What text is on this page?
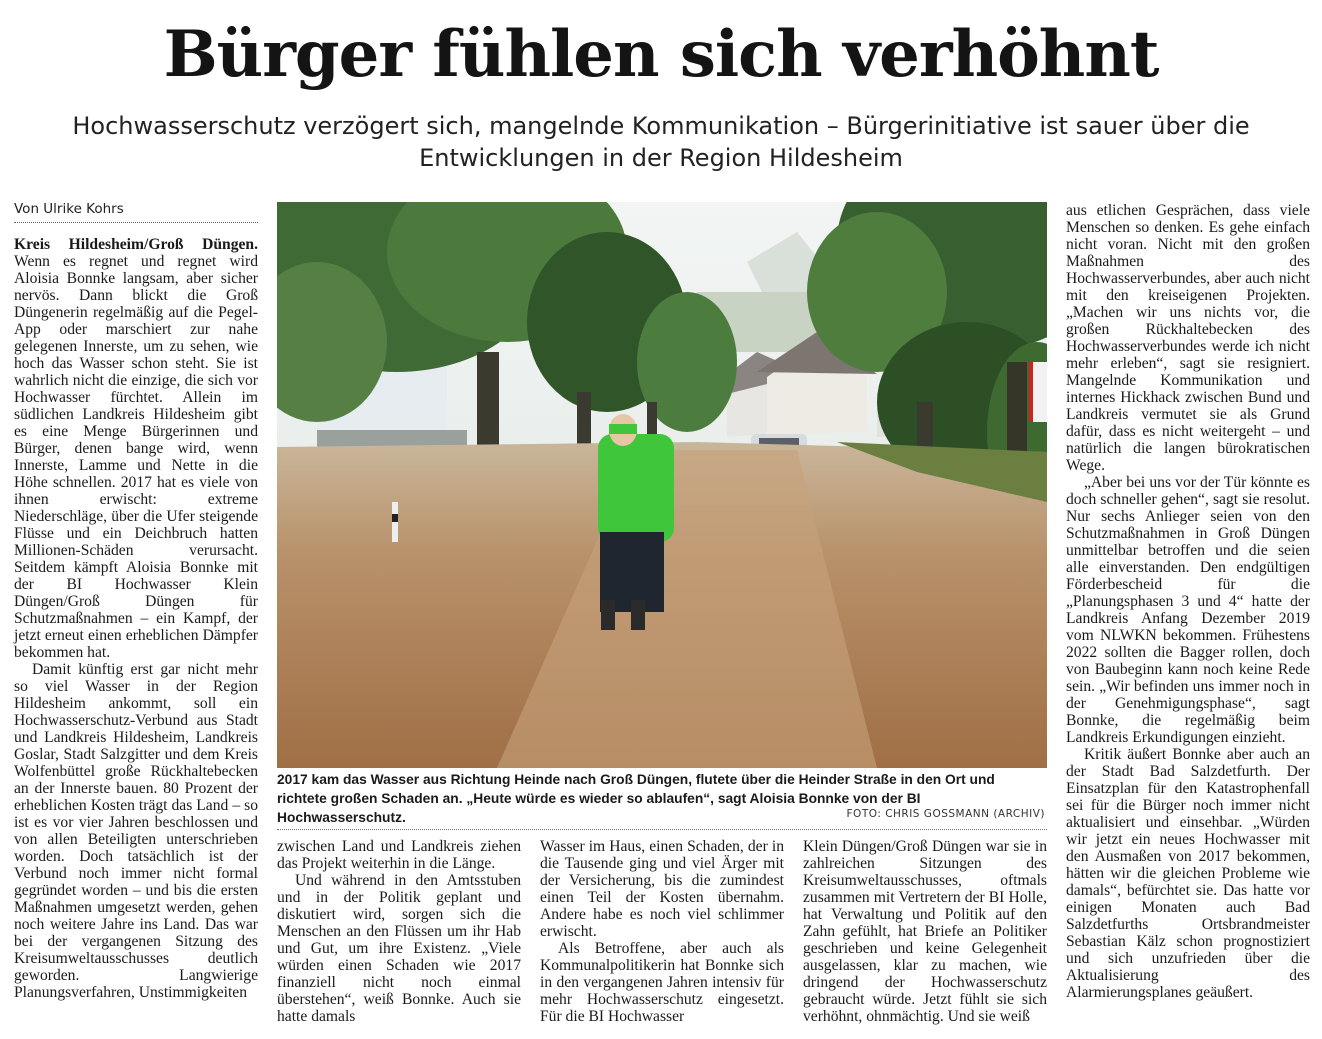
Bürger fühlen sich verhöhnt
Hochwasserschutz verzögert sich, mangelnde Kommunikation – Bürgerinitiative ist sauer über die Entwicklungen in der Region Hildesheim
Von Ulrike Kohrs

Kreis Hildesheim/Groß Düngen. Wenn es regnet und regnet wird Aloisia Bonnke langsam, aber sicher nervös. Dann blickt die Groß Düngenerin regelmäßig auf die Pegel-App oder marschiert zur nahe gelegenen Innerste, um zu sehen, wie hoch das Wasser schon steht. Sie ist wahrlich nicht die einzige, die sich vor Hochwasser fürchtet. Allein im südlichen Landkreis Hildesheim gibt es eine Menge Bürgerinnen und Bürger, denen bange wird, wenn Innerste, Lamme und Nette in die Höhe schnellen. 2017 hat es viele von ihnen erwischt: extreme Niederschläge, über die Ufer steigende Flüsse und ein Deichbruch hatten Millionen-Schäden verursacht. Seitdem kämpft Aloisia Bonnke mit der BI Hochwasser Klein Düngen/Groß Düngen für Schutzmaßnahmen – ein Kampf, der jetzt erneut einen erheblichen Dämpfer bekommen hat.

Damit künftig erst gar nicht mehr so viel Wasser in der Region Hildesheim ankommt, soll ein Hochwasserschutz-Verbund aus Stadt und Landkreis Hildesheim, Landkreis Goslar, Stadt Salzgitter und dem Kreis Wolfenbüttel große Rückhaltebecken an der Innerste bauen. 80 Prozent der erheblichen Kosten trägt das Land – so ist es vor vier Jahren beschlossen und von allen Beteiligten unterschrieben worden. Doch tatsächlich ist der Verbund noch immer nicht formal gegründet worden – und bis die ersten Maßnahmen umgesetzt werden, gehen noch weitere Jahre ins Land. Das war bei der vergangenen Sitzung des Kreisumweltausschusses deutlich geworden. Langwierige Planungsverfahren, Unstimmigkeiten

2017 kam das Wasser aus Richtung Heinde nach Groß Düngen, flutete über die Heinder Straße in den Ort und richtete großen Schaden an. „Heute würde es wieder so ablaufen“, sagt Aloisia Bonnke von der BI Hochwasserschutz.	FOTO: CHRIS GOSSMANN (ARCHIV)

zwischen Land und Landkreis ziehen das Projekt weiterhin in die Länge.

Und während in den Amtsstuben und in der Politik geplant und diskutiert wird, sorgen sich die Menschen an den Flüssen um ihr Hab und Gut, um ihre Existenz. „Viele würden einen Schaden wie 2017 finanziell nicht noch einmal überstehen“, weiß Bonnke. Auch sie hatte damals

Wasser im Haus, einen Schaden, der in die Tausende ging und viel Ärger mit der Versicherung, bis die zumindest einen Teil der Kosten übernahm. Andere habe es noch viel schlimmer erwischt.

Als Betroffene, aber auch als Kommunalpolitikerin hat Bonnke sich in den vergangenen Jahren intensiv für mehr Hochwasserschutz eingesetzt. Für die BI Hochwasser

Klein Düngen/Groß Düngen war sie in zahlreichen Sitzungen des Kreisumweltausschusses, oftmals zusammen mit Vertretern der BI Holle, hat Verwaltung und Politik auf den Zahn gefühlt, hat Briefe an Politiker geschrieben und keine Gelegenheit ausgelassen, klar zu machen, wie dringend der Hochwasserschutz gebraucht würde. Jetzt fühlt sie sich verhöhnt, ohnmächtig. Und sie weiß

aus etlichen Gesprächen, dass viele Menschen so denken. Es gehe einfach nicht voran. Nicht mit den großen Maßnahmen des Hochwasserverbundes, aber auch nicht mit den kreiseigenen Projekten. „Machen wir uns nichts vor, die großen Rückhaltebecken des Hochwasserverbundes werde ich nicht mehr erleben“, sagt sie resigniert. Mangelnde Kommunikation und internes Hickhack zwischen Bund und Landkreis vermutet sie als Grund dafür, dass es nicht weitergeht – und natürlich die langen bürokratischen Wege.

„Aber bei uns vor der Tür könnte es doch schneller gehen“, sagt sie resolut. Nur sechs Anlieger seien von den Schutzmaßnahmen in Groß Düngen unmittelbar betroffen und die seien alle einverstanden. Den endgültigen Förderbescheid für die „Planungsphasen 3 und 4“ hatte der Landkreis Anfang Dezember 2019 vom NLWKN bekommen. Frühestens 2022 sollten die Bagger rollen, doch von Baubeginn kann noch keine Rede sein. „Wir befinden uns immer noch in der Genehmigungsphase“, sagt Bonnke, die regelmäßig beim Landkreis Erkundigungen einzieht.

Kritik äußert Bonnke aber auch an der Stadt Bad Salzdetfurth. Der Einsatzplan für den Katastrophenfall sei für die Bürger noch immer nicht aktualisiert und einsehbar. „Würden wir jetzt ein neues Hochwasser mit den Ausmaßen von 2017 bekommen, hätten wir die gleichen Probleme wie damals“, befürchtet sie. Das hatte vor einigen Monaten auch Bad Salzdetfurths Ortsbrandmeister Sebastian Kälz schon prognostiziert und sich unzufrieden über die Aktualisierung des Alarmierungsplanes geäußert.
